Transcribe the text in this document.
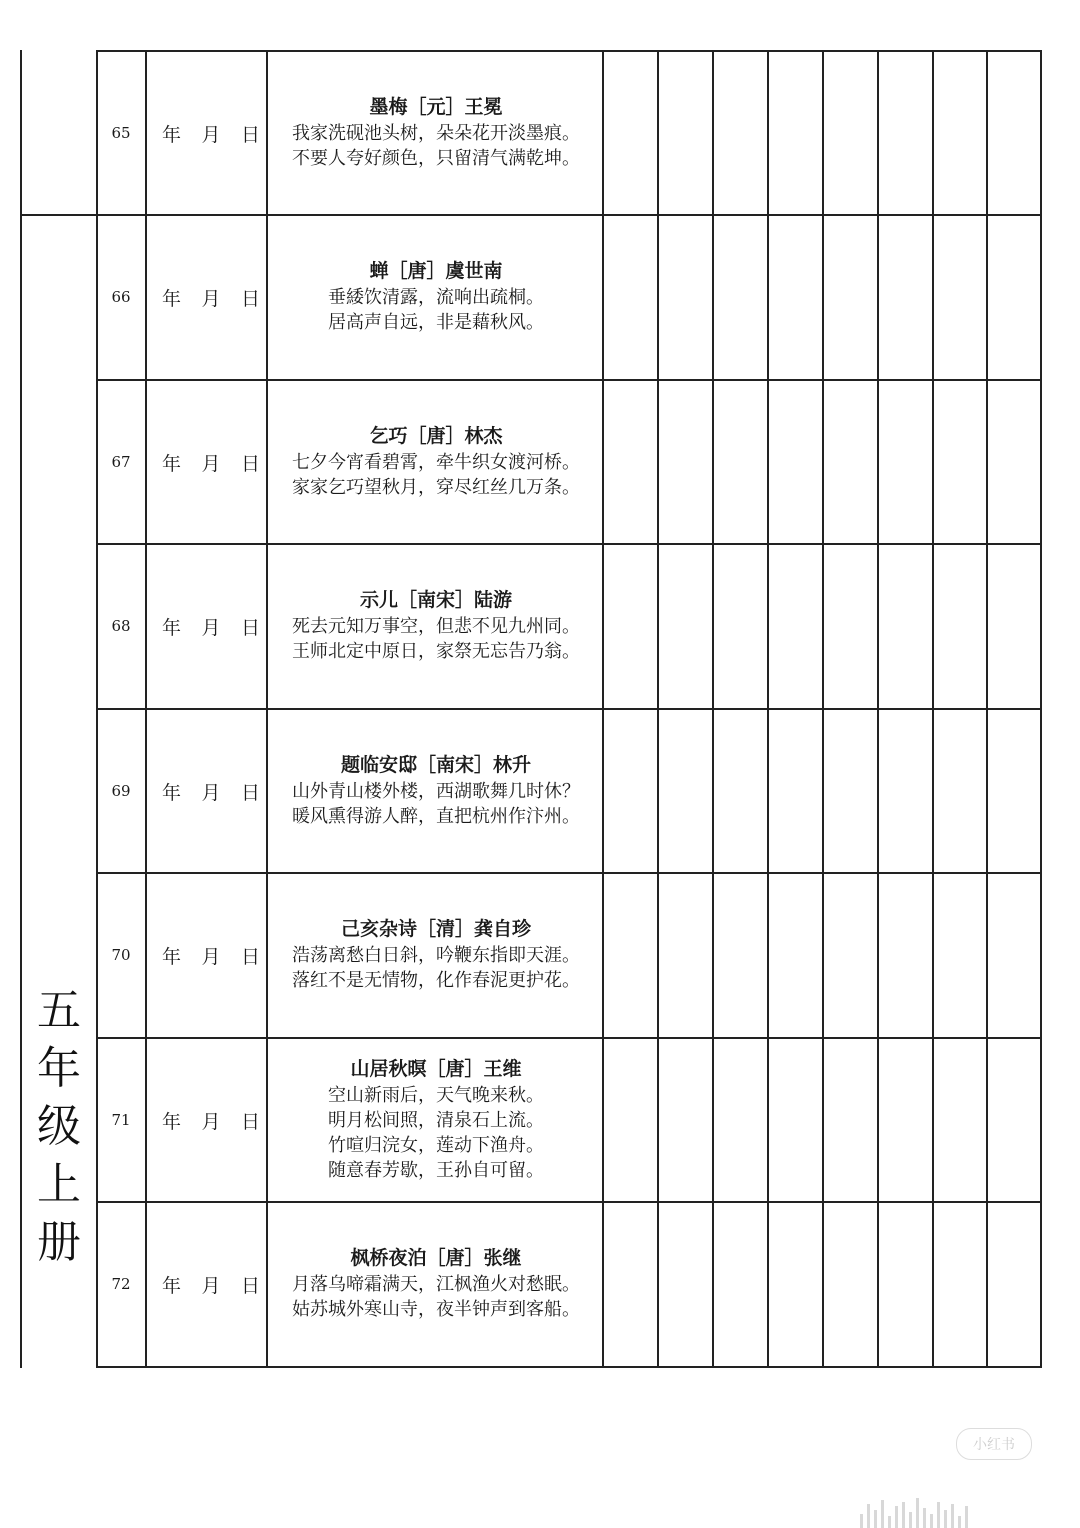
五
年
级
上
册
65	年 月 日
墨梅［元］王冕
我家洗砚池头树，朵朵花开淡墨痕。
不要人夸好颜色，只留清气满乾坤。
66	年 月 日
蝉［唐］虞世南
垂緌饮清露，流响出疏桐。
居高声自远，非是藉秋风。
67	年 月 日
乞巧［唐］林杰
七夕今宵看碧霄，牵牛织女渡河桥。
家家乞巧望秋月，穿尽红丝几万条。
68	年 月 日
示儿［南宋］陆游
死去元知万事空，但悲不见九州同。
王师北定中原日，家祭无忘告乃翁。
69	年 月 日
题临安邸［南宋］林升
山外青山楼外楼，西湖歌舞几时休？
暖风熏得游人醉，直把杭州作汴州。
70	年 月 日
己亥杂诗［清］龚自珍
浩荡离愁白日斜，吟鞭东指即天涯。
落红不是无情物，化作春泥更护花。
71	年 月 日
山居秋暝［唐］王维
空山新雨后，天气晚来秋。
明月松间照，清泉石上流。
竹喧归浣女，莲动下渔舟。
随意春芳歇，王孙自可留。
72	年 月 日
枫桥夜泊［唐］张继
月落乌啼霜满天，江枫渔火对愁眠。
姑苏城外寒山寺，夜半钟声到客船。
小红书
